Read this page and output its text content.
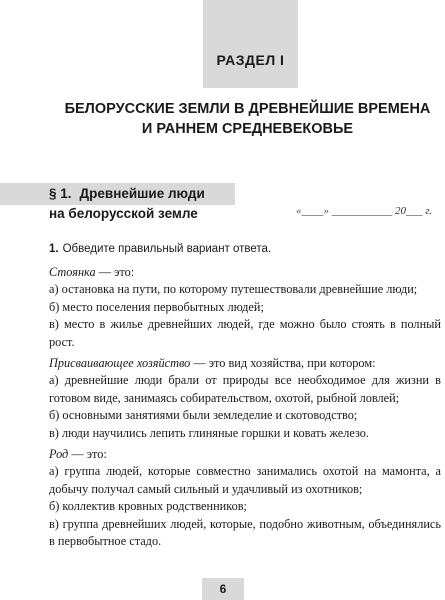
РАЗДЕЛ I
БЕЛОРУССКИЕ ЗЕМЛИ В ДРЕВНЕЙШИЕ ВРЕМЕНА
И РАННЕМ СРЕДНЕВЕКОВЬЕ
§ 1. Древнейшие люди
на белорусской земле	«____» ___________ 20___ г.
1. Обведите правильный вариант ответа.

Стоянка — это:

а) остановка на пути, по которому путешествовали древнейшие люди;

б) место поселения первобытных людей;

в) место в жилье древнейших людей, где можно было стоять в полный рост.

Присваивающее хозяйство — это вид хозяйства, при котором:

а) древнейшие люди брали от природы все необходимое для жизни в готовом виде, занимаясь собирательством, охотой, рыбной ловлей;

б) основными занятиями были земледелие и скотоводство;

в) люди научились лепить глиняные горшки и ковать железо.

Род — это:

а) группа людей, которые совместно занимались охотой на мамонта, а добычу получал самый сильный и удачливый из охотников;

б) коллектив кровных родственников;

в) группа древнейших людей, которые, подобно животным, объединялись в первобытное стадо.

6
